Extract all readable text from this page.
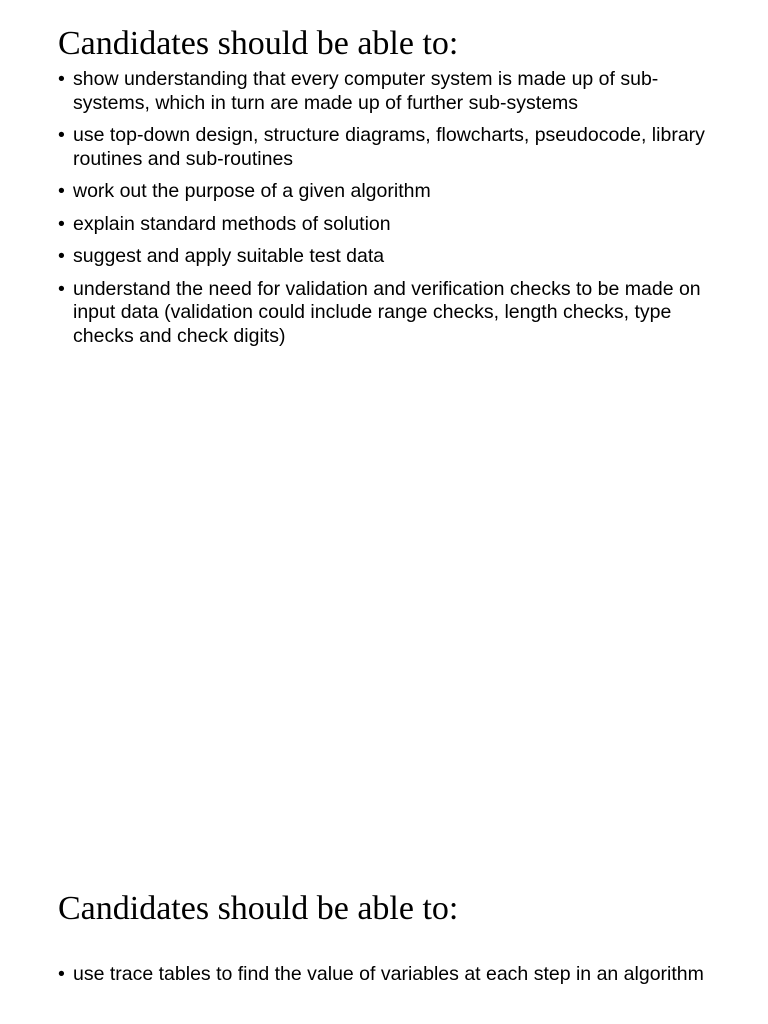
Candidates should be able to:
• show understanding that every computer system is made up of sub-systems, which in turn are made up of further sub-systems
• use top-down design, structure diagrams, flowcharts, pseudocode, library routines and sub-routines
• work out the purpose of a given algorithm
• explain standard methods of solution
• suggest and apply suitable test data
• understand the need for validation and verification checks to be made on input data (validation could include range checks, length checks, type checks and check digits)
Candidates should be able to:
• use trace tables to find the value of variables at each step in an algorithm
